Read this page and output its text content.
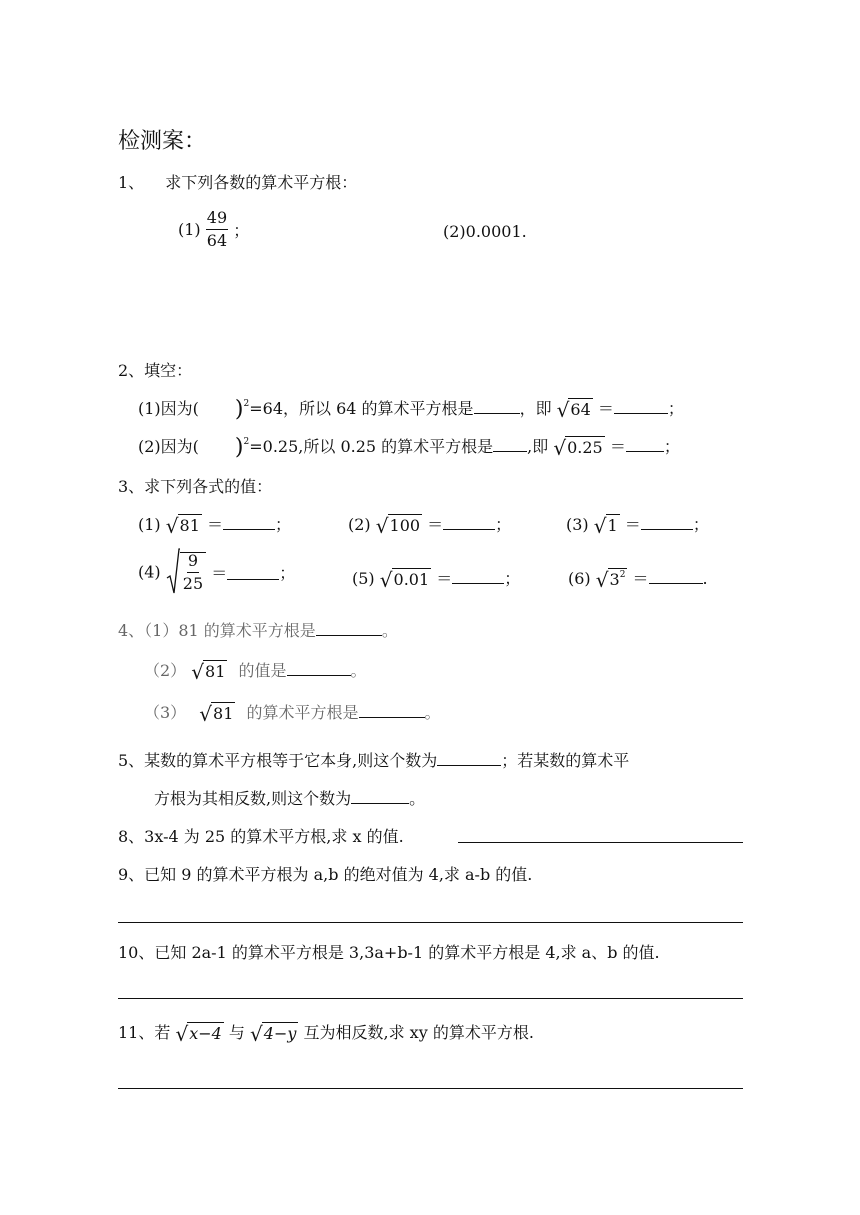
检测案：
1、 求下列各数的算术平方根：
$(1) \frac{49}{64}$ ；	(2)0.0001.
2、填空：
(1)因为( )$^2$=64，所以 64 的算术平方根是	，即 √64 ＝	；
(2)因为( )$^2$=0.25,所以 0.25 的算术平方根是 ,即 √0.25 ＝ ；
3、求下列各式的值：
(1) √81 ＝	；	(2) √100 ＝	；	(3) √1 ＝	；
$(4) \frac{9}{25}$ ＝	；	(5) √0.01 ＝	；	(6) $√3^2$ ＝	.
4、（1）81 的算术平方根是	。
（2） √81 的值是	。
（3） √81 的算术平方根是	。
5、某数的算术平方根等于它本身,则这个数为	；若某数的算术平
方根为其相反数,则这个数为	。
8、3x-4 为 25 的算术平方根,求 x 的值.
9、已知 9 的算术平方根为 a,b 的绝对值为 4,求 a-b 的值.
10、已知 2a-1 的算术平方根是 3,3a+b-1 的算术平方根是 4,求 a、b 的值.
11、若 √x−4 与 √4−y 互为相反数,求 xy 的算术平方根.
